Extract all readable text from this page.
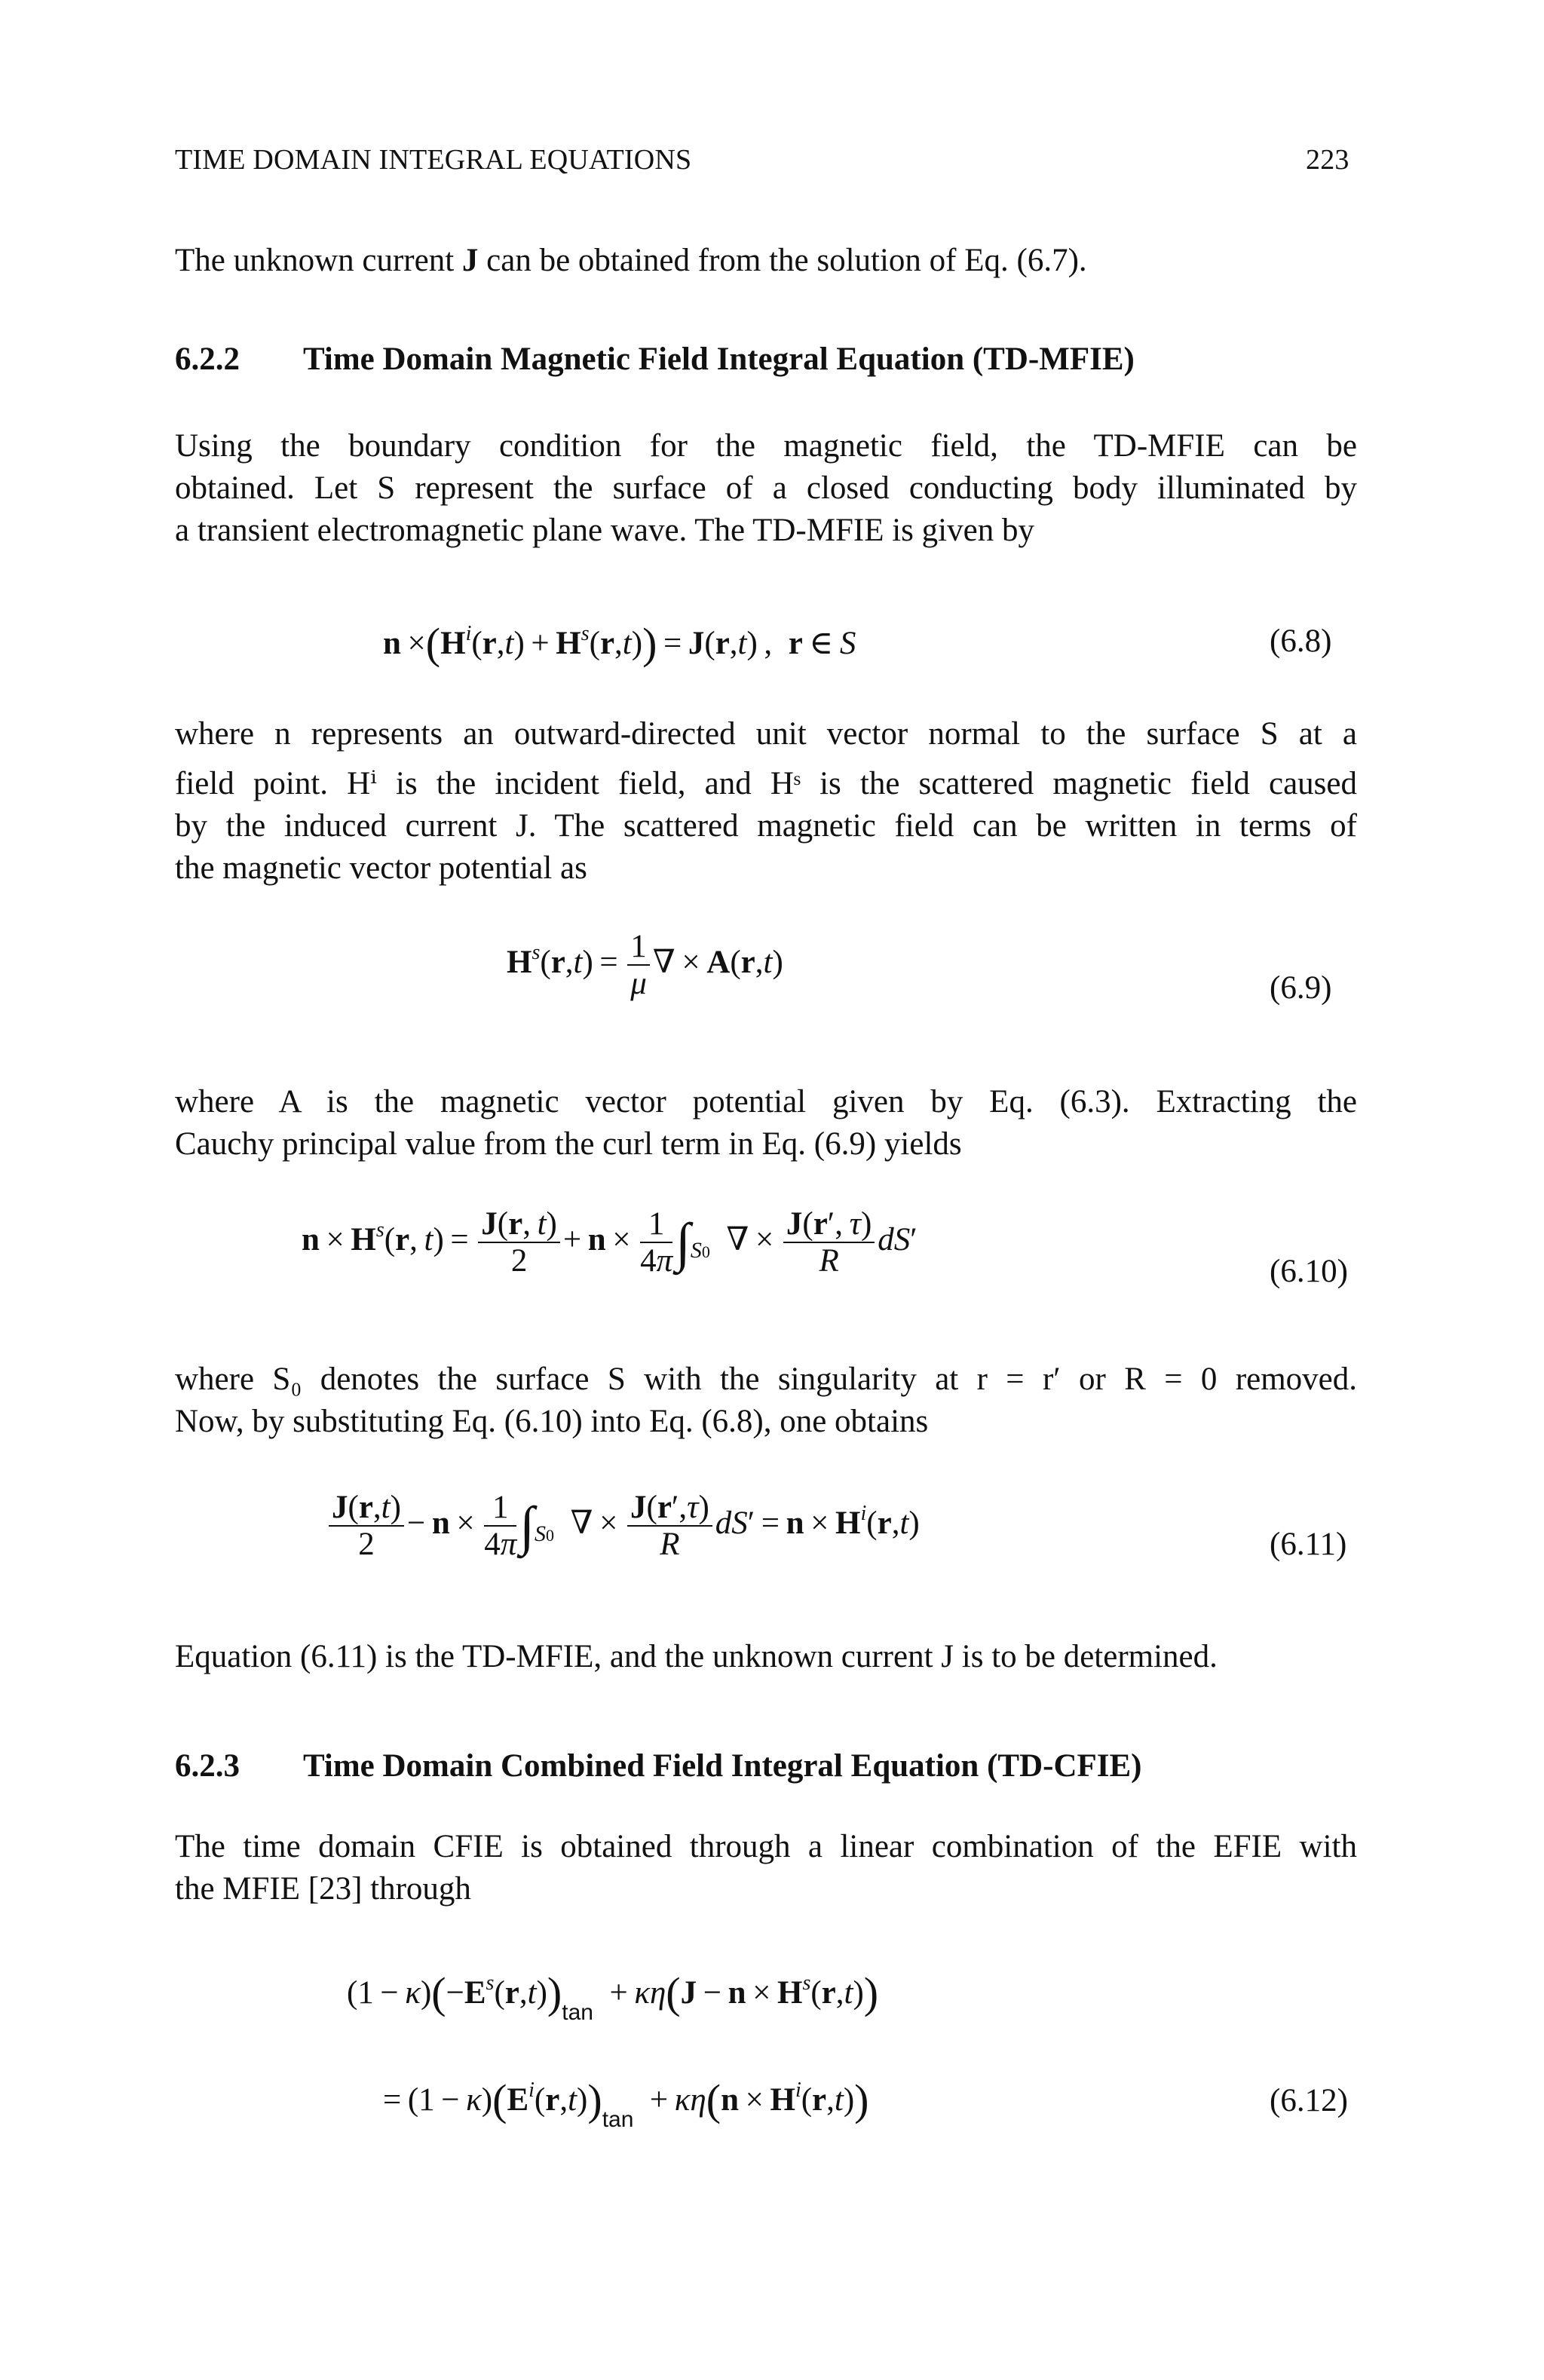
TIME DOMAIN INTEGRAL EQUATIONS	223
The unknown current J can be obtained from the solution of Eq. (6.7).
6.2.2 Time Domain Magnetic Field Integral Equation (TD-MFIE)
Using the boundary condition for the magnetic field, the TD-MFIE can be
obtained. Let S represent the surface of a closed conducting body illuminated by
a transient electromagnetic plane wave. The TD-MFIE is given by
$n \times(H^i(r,t) + H^s(r,t)) = J(r,t)$ , r ∈ S	(6.8)
where n represents an outward-directed unit vector normal to the surface S at a
field point. Hⁱ is the incident field, and Hˢ is the scattered magnetic field caused
by the induced current J. The scattered magnetic field can be written in terms of
the magnetic vector potential as
$H^s(r,t) = \frac{1}{\mu}$ ∇ × A(r,t)
(6.9)
where A is the magnetic vector potential given by Eq. (6.3). Extracting the
Cauchy principal value from the curl term in Eq. (6.9) yields
$n \times H^s(r$, $t) = \frac{J(r, t)}{2} + n \times \frac{1}{4\pi} \int_{S0}$ ∇ ×  $\frac{J(r', \tau)}{R} dS'$
(6.10)
where S₀ denotes the surface S with the singularity at r = r′ or R = 0 removed.
Now, by substituting Eq. (6.10) into Eq. (6.8), one obtains
$\frac{J(r,t)}{2} - n \times \frac{1}{4\pi} \int_{S0}$ ∇ ×  $\frac{J(r',\tau)}{R} dS' = n \times H^i(r,t)$
(6.11)
Equation (6.11) is the TD-MFIE, and the unknown current J is to be determined.
6.2.3 Time Domain Combined Field Integral Equation (TD-CFIE)
The time domain CFIE is obtained through a linear combination of the EFIE with
the MFIE [23] through
$(1 - \kappa)(-E^s(r,t))_{tan}$ + $\kappa\eta(J - n \times H^s(r,t))$
= $(1 - \kappa)(E^i(r,t))_{tan}$ + $\kappa\eta(n \times H^i(r,t))$	(6.12)
